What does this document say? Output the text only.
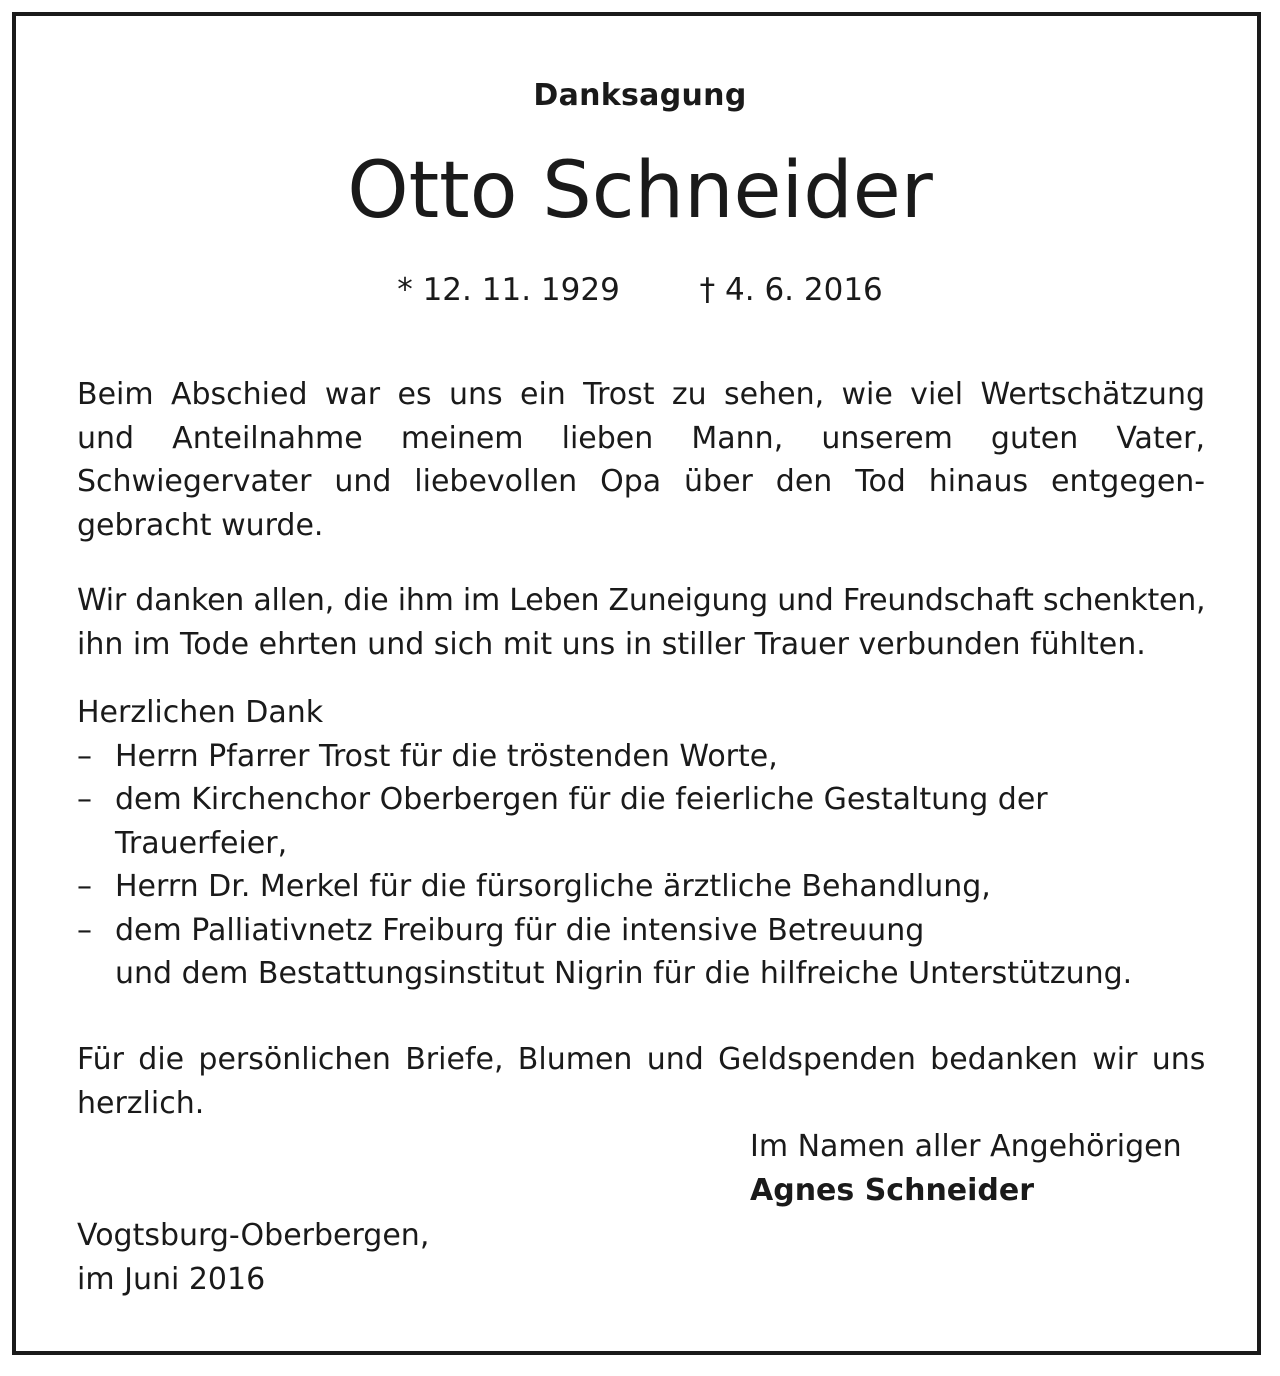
Danksagung
Otto Schneider
* 12. 11. 1929	† 4. 6. 2016
Beim Abschied war es uns ein Trost zu sehen, wie viel Wertschätzung
und Anteilnahme meinem lieben Mann, unserem guten Vater,
Schwiegervater und liebevollen Opa über den Tod hinaus entgegen-
gebracht wurde.
Wir danken allen, die ihm im Leben Zuneigung und Freundschaft schenkten,
ihn im Tode ehrten und sich mit uns in stiller Trauer verbunden fühlten.
Herzlichen Dank
– Herrn Pfarrer Trost für die tröstenden Worte,
– dem Kirchenchor Oberbergen für die feierliche Gestaltung der
Trauerfeier,
– Herrn Dr. Merkel für die fürsorgliche ärztliche Behandlung,
– dem Palliativnetz Freiburg für die intensive Betreuung
und dem Bestattungsinstitut Nigrin für die hilfreiche Unterstützung.
Für die persönlichen Briefe, Blumen und Geldspenden bedanken wir uns
herzlich.
Im Namen aller Angehörigen
Agnes Schneider
Vogtsburg-Oberbergen,
im Juni 2016
